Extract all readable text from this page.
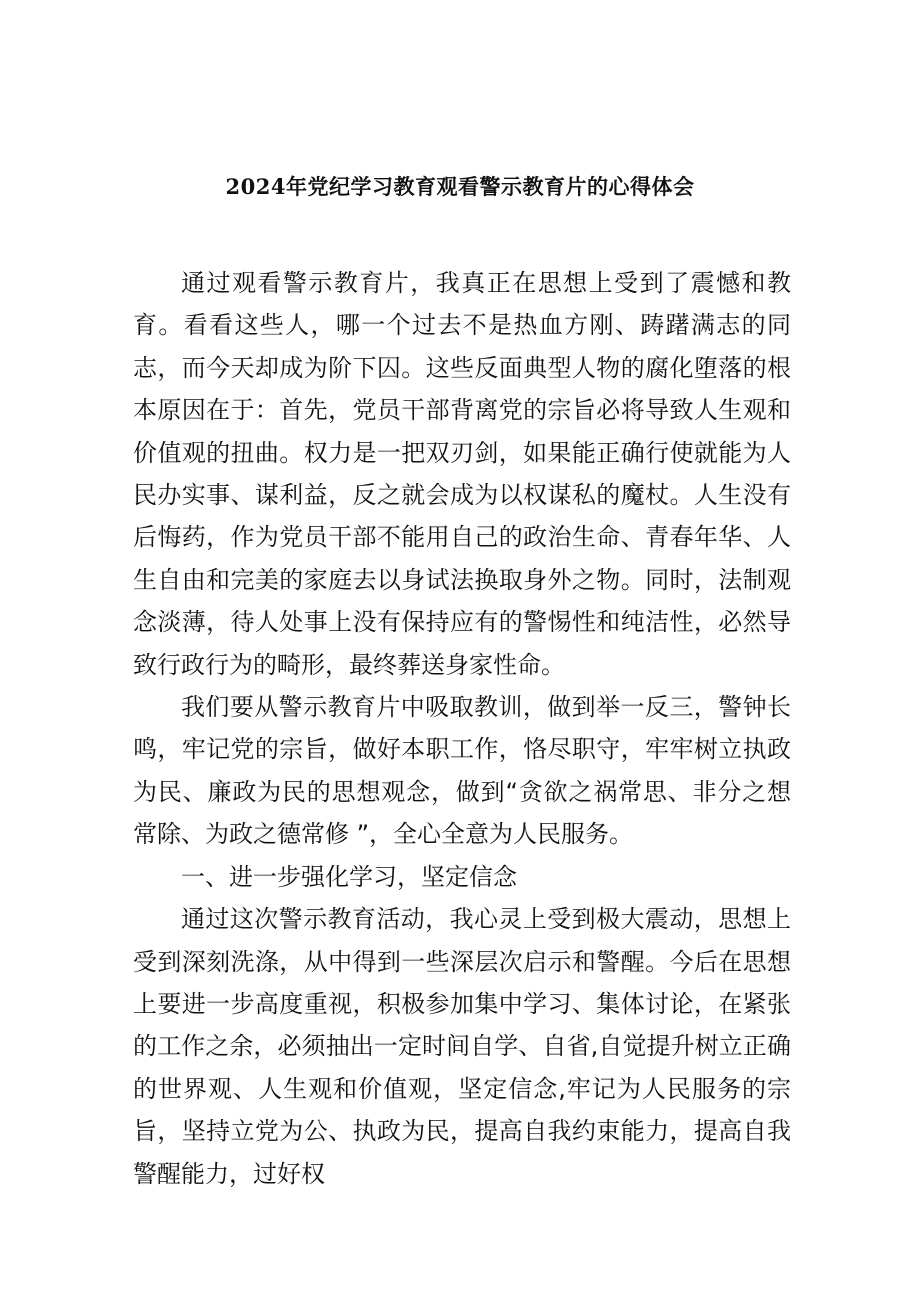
2024年党纪学习教育观看警示教育片的心得体会

通过观看警示教育片，我真正在思想上受到了震憾和教育。看看这些人，哪一个过去不是热血方刚、踌躇满志的同志，而今天却成为阶下囚。这些反面典型人物的腐化堕落的根本原因在于：首先，党员干部背离党的宗旨必将导致人生观和价值观的扭曲。权力是一把双刃剑，如果能正确行使就能为人民办实事、谋利益，反之就会成为以权谋私的魔杖。人生没有后悔药，作为党员干部不能用自己的政治生命、青春年华、人生自由和完美的家庭去以身试法换取身外之物。同时，法制观念淡薄，待人处事上没有保持应有的警惕性和纯洁性，必然导致行政行为的畸形，最终葬送身家性命。

我们要从警示教育片中吸取教训，做到举一反三，警钟长鸣，牢记党的宗旨，做好本职工作，恪尽职守，牢牢树立执政为民、廉政为民的思想观念，做到“贪欲之祸常思、非分之想常除、为政之德常修 ”，全心全意为人民服务。

一、进一步强化学习，坚定信念

通过这次警示教育活动，我心灵上受到极大震动，思想上受到深刻洗涤，从中得到一些深层次启示和警醒。今后在思想上要进一步高度重视，积极参加集中学习、集体讨论，在紧张的工作之余，必须抽出一定时间自学、自省,自觉提升树立正确的世界观、人生观和价值观，坚定信念,牢记为人民服务的宗旨，坚持立党为公、执政为民，提高自我约束能力，提高自我警醒能力，过好权
